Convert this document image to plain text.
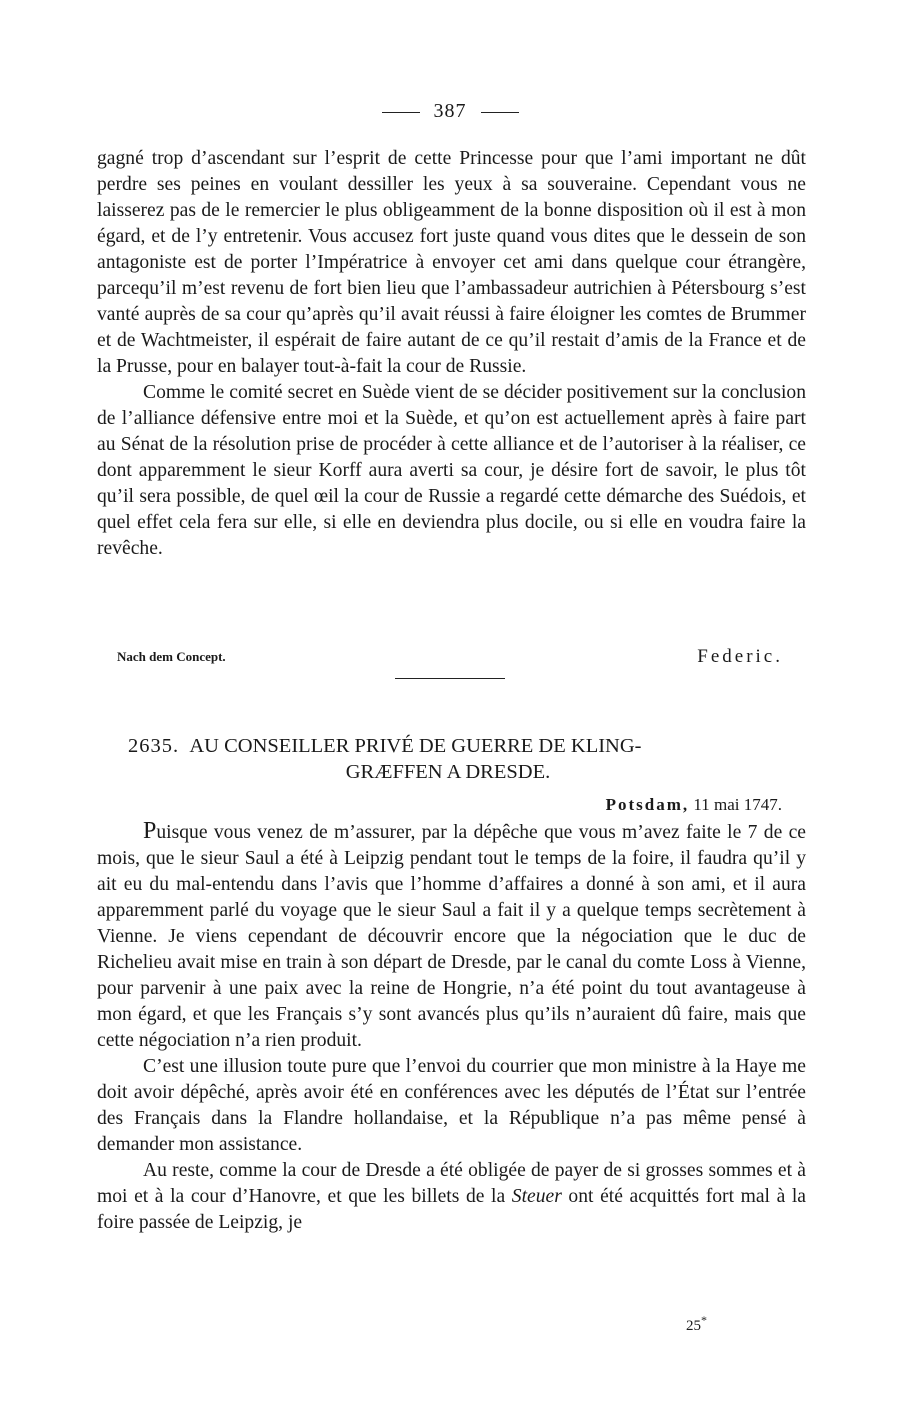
387

gagné trop d’ascendant sur l’esprit de cette Princesse pour que l’ami important ne dût perdre ses peines en voulant dessiller les yeux à sa souveraine. Cependant vous ne laisserez pas de le remercier le plus obligeamment de la bonne disposition où il est à mon égard, et de l’y entretenir. Vous accusez fort juste quand vous dites que le dessein de son antagoniste est de porter l’Impératrice à envoyer cet ami dans quelque cour étrangère, parcequ’il m’est revenu de fort bien lieu que l’ambassadeur autrichien à Pétersbourg s’est vanté auprès de sa cour qu’après qu’il avait réussi à faire éloigner les comtes de Brummer et de Wachtmeister, il espérait de faire autant de ce qu’il restait d’amis de la France et de la Prusse, pour en balayer tout-à-fait la cour de Russie.

Comme le comité secret en Suède vient de se décider positivement sur la conclusion de l’alliance défensive entre moi et la Suède, et qu’on est actuellement après à faire part au Sénat de la résolution prise de procéder à cette alliance et de l’autoriser à la réaliser, ce dont apparemment le sieur Korff aura averti sa cour, je désire fort de savoir, le plus tôt qu’il sera possible, de quel œil la cour de Russie a regardé cette démarche des Suédois, et quel effet cela fera sur elle, si elle en deviendra plus docile, ou si elle en voudra faire la revêche.

Nach dem Concept.	Federic.
2635. AU CONSEILLER PRIVÉ DE GUERRE DE KLING-
GRÆFFEN A DRESDE.
Potsdam, 11 mai 1747.

Puisque vous venez de m’assurer, par la dépêche que vous m’avez faite le 7 de ce mois, que le sieur Saul a été à Leipzig pendant tout le temps de la foire, il faudra qu’il y ait eu du mal-entendu dans l’avis que l’homme d’affaires a donné à son ami, et il aura apparemment parlé du voyage que le sieur Saul a fait il y a quelque temps secrètement à Vienne. Je viens cependant de découvrir encore que la négociation que le duc de Richelieu avait mise en train à son départ de Dresde, par le canal du comte Loss à Vienne, pour parvenir à une paix avec la reine de Hongrie, n’a été point du tout avantageuse à mon égard, et que les Français s’y sont avancés plus qu’ils n’auraient dû faire, mais que cette négociation n’a rien produit.

C’est une illusion toute pure que l’envoi du courrier que mon ministre à la Haye me doit avoir dépêché, après avoir été en conférences avec les députés de l’État sur l’entrée des Français dans la Flandre hollandaise, et la République n’a pas même pensé à demander mon assistance.

Au reste, comme la cour de Dresde a été obligée de payer de si grosses sommes et à moi et à la cour d’Hanovre, et que les billets de la Steuer ont été acquittés fort mal à la foire passée de Leipzig, je

25*
